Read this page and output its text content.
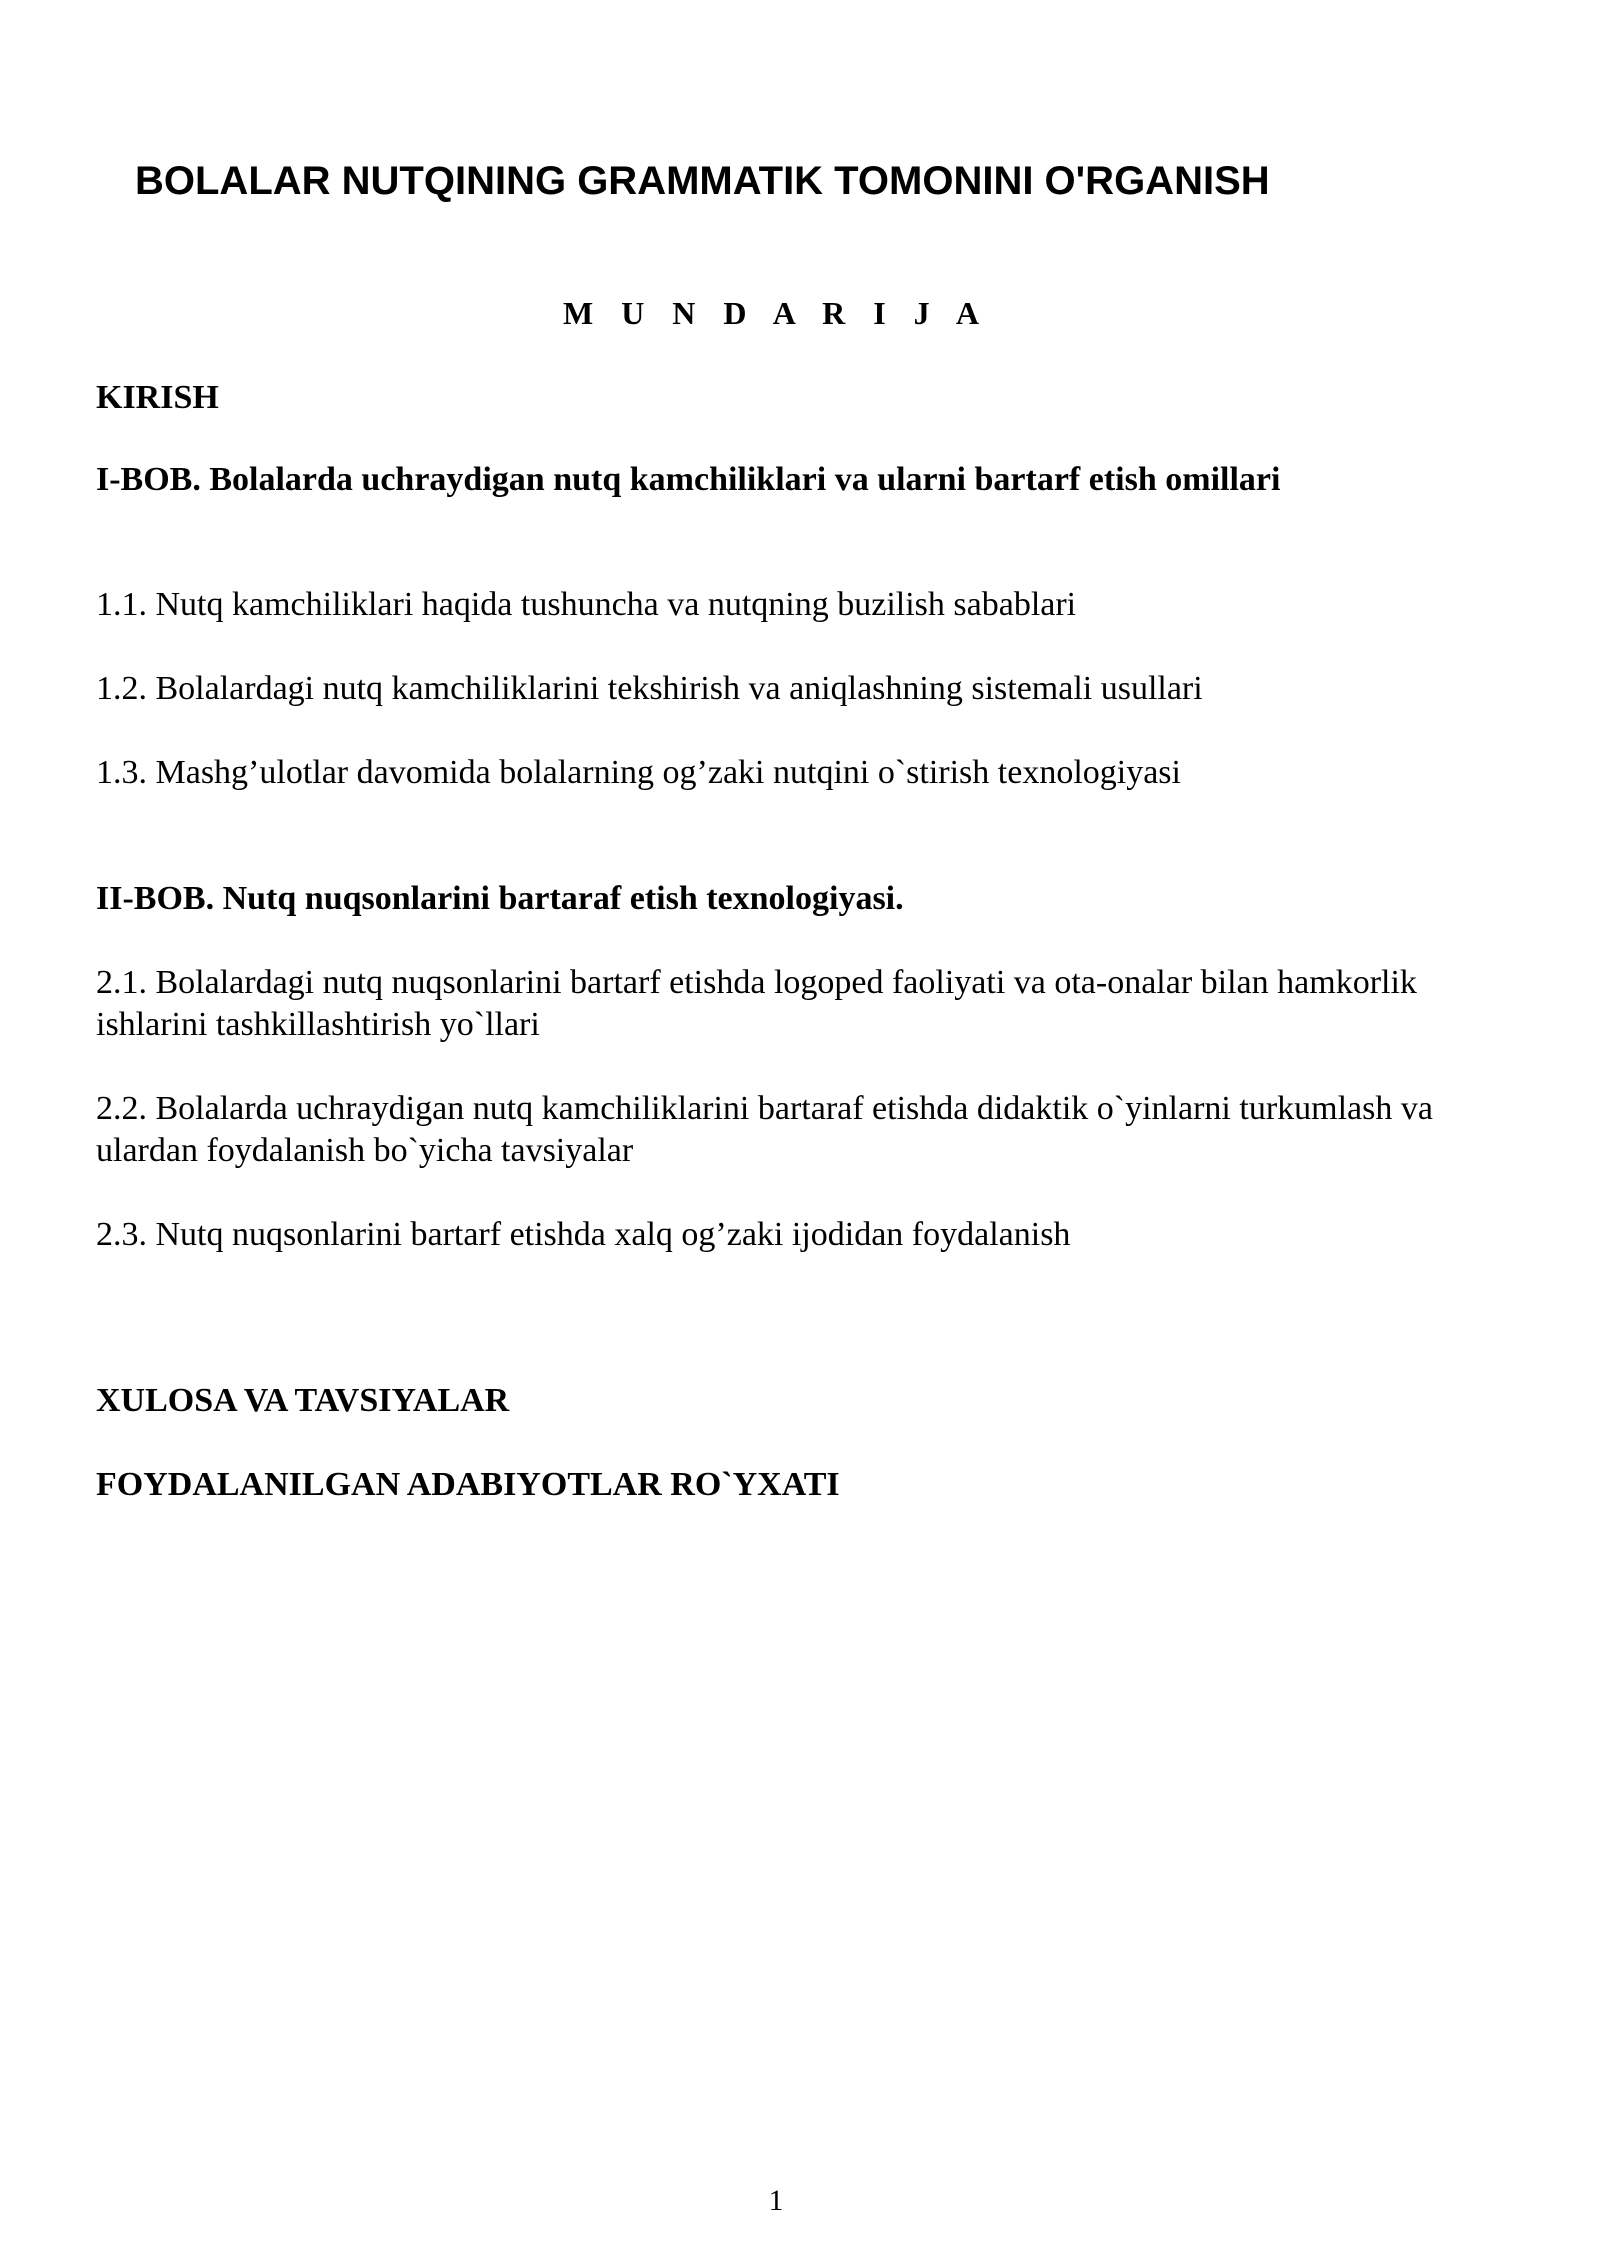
BOLALAR NUTQINING GRAMMATIK TOMONINI O'RGANISH
M U N D A R I J A
KIRISH
I-BOB. Bolalarda uchraydigan nutq kamchiliklari va ularni bartarf etish omillari
1.1. Nutq kamchiliklari haqida tushuncha va nutqning buzilish sabablari
1.2. Bolalardagi nutq kamchiliklarini tekshirish va aniqlashning sistemali usullari
1.3. Mashg’ulotlar davomida bolalarning og’zaki nutqini o`stirish texnologiyasi
II-BOB. Nutq nuqsonlarini bartaraf etish texnologiyasi.
2.1. Bolalardagi nutq nuqsonlarini bartarf etishda logoped faoliyati va ota-onalar bilan hamkorlik ishlarini tashkillashtirish yo`llari
2.2. Bolalarda uchraydigan nutq kamchiliklarini bartaraf etishda didaktik o`yinlarni turkumlash va ulardan foydalanish bo`yicha tavsiyalar
2.3. Nutq nuqsonlarini bartarf etishda xalq og’zaki ijodidan foydalanish
XULOSA VA TAVSIYALAR
FOYDALANILGAN ADABIYOTLAR RO`YXATI
1
